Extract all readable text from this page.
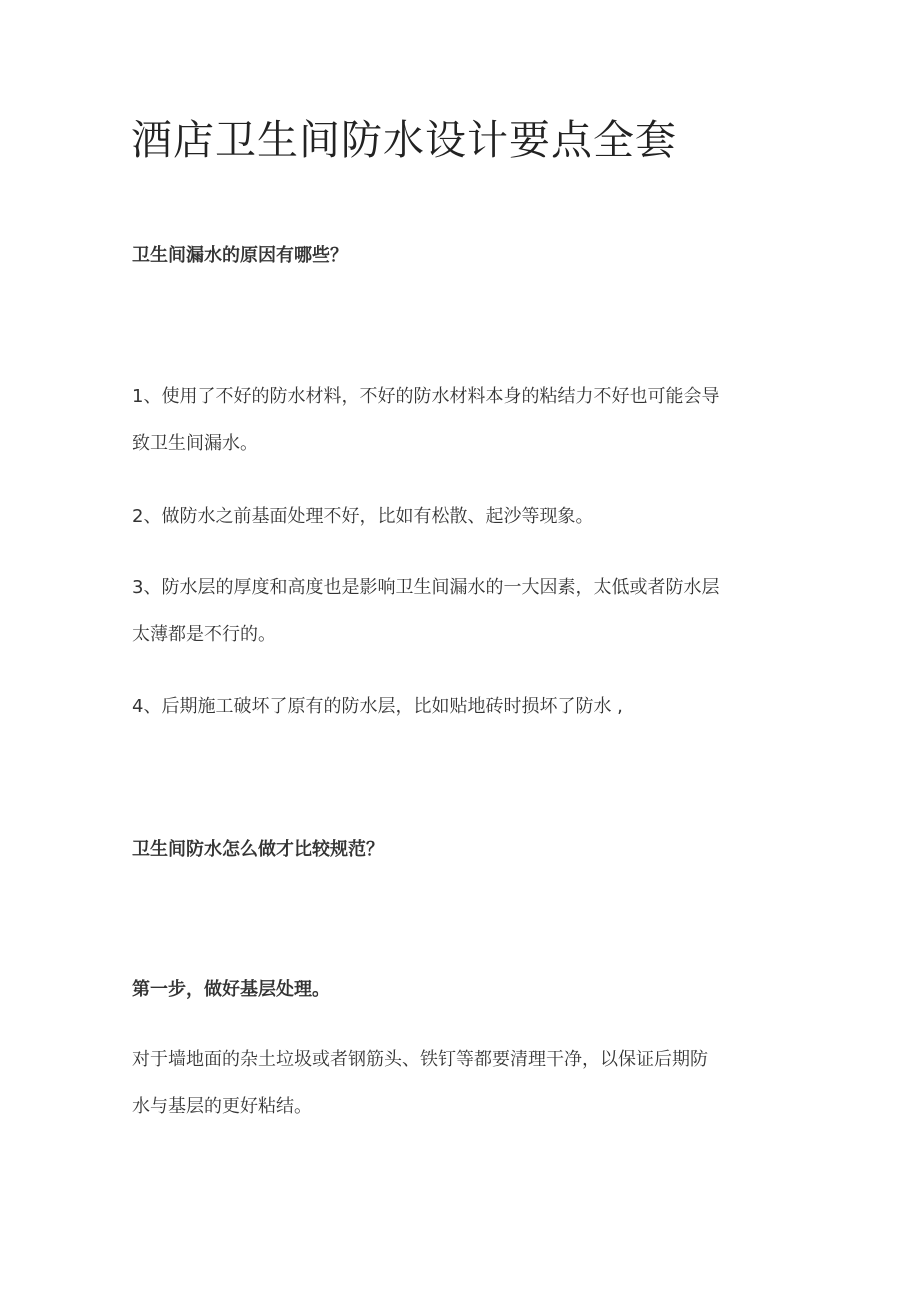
酒店卫生间防水设计要点全套
卫生间漏水的原因有哪些？

1、使用了不好的防水材料，不好的防水材料本身的粘结力不好也可能会导
致卫生间漏水。

2、做防水之前基面处理不好，比如有松散、起沙等现象。

3、防水层的厚度和高度也是影响卫生间漏水的一大因素，太低或者防水层
太薄都是不行的。

4、后期施工破坏了原有的防水层，比如贴地砖时损坏了防水 ,

卫生间防水怎么做才比较规范？
第一步，做好基层处理。

对于墙地面的杂土垃圾或者钢筋头、铁钉等都要清理干净，以保证后期防
水与基层的更好粘结。
